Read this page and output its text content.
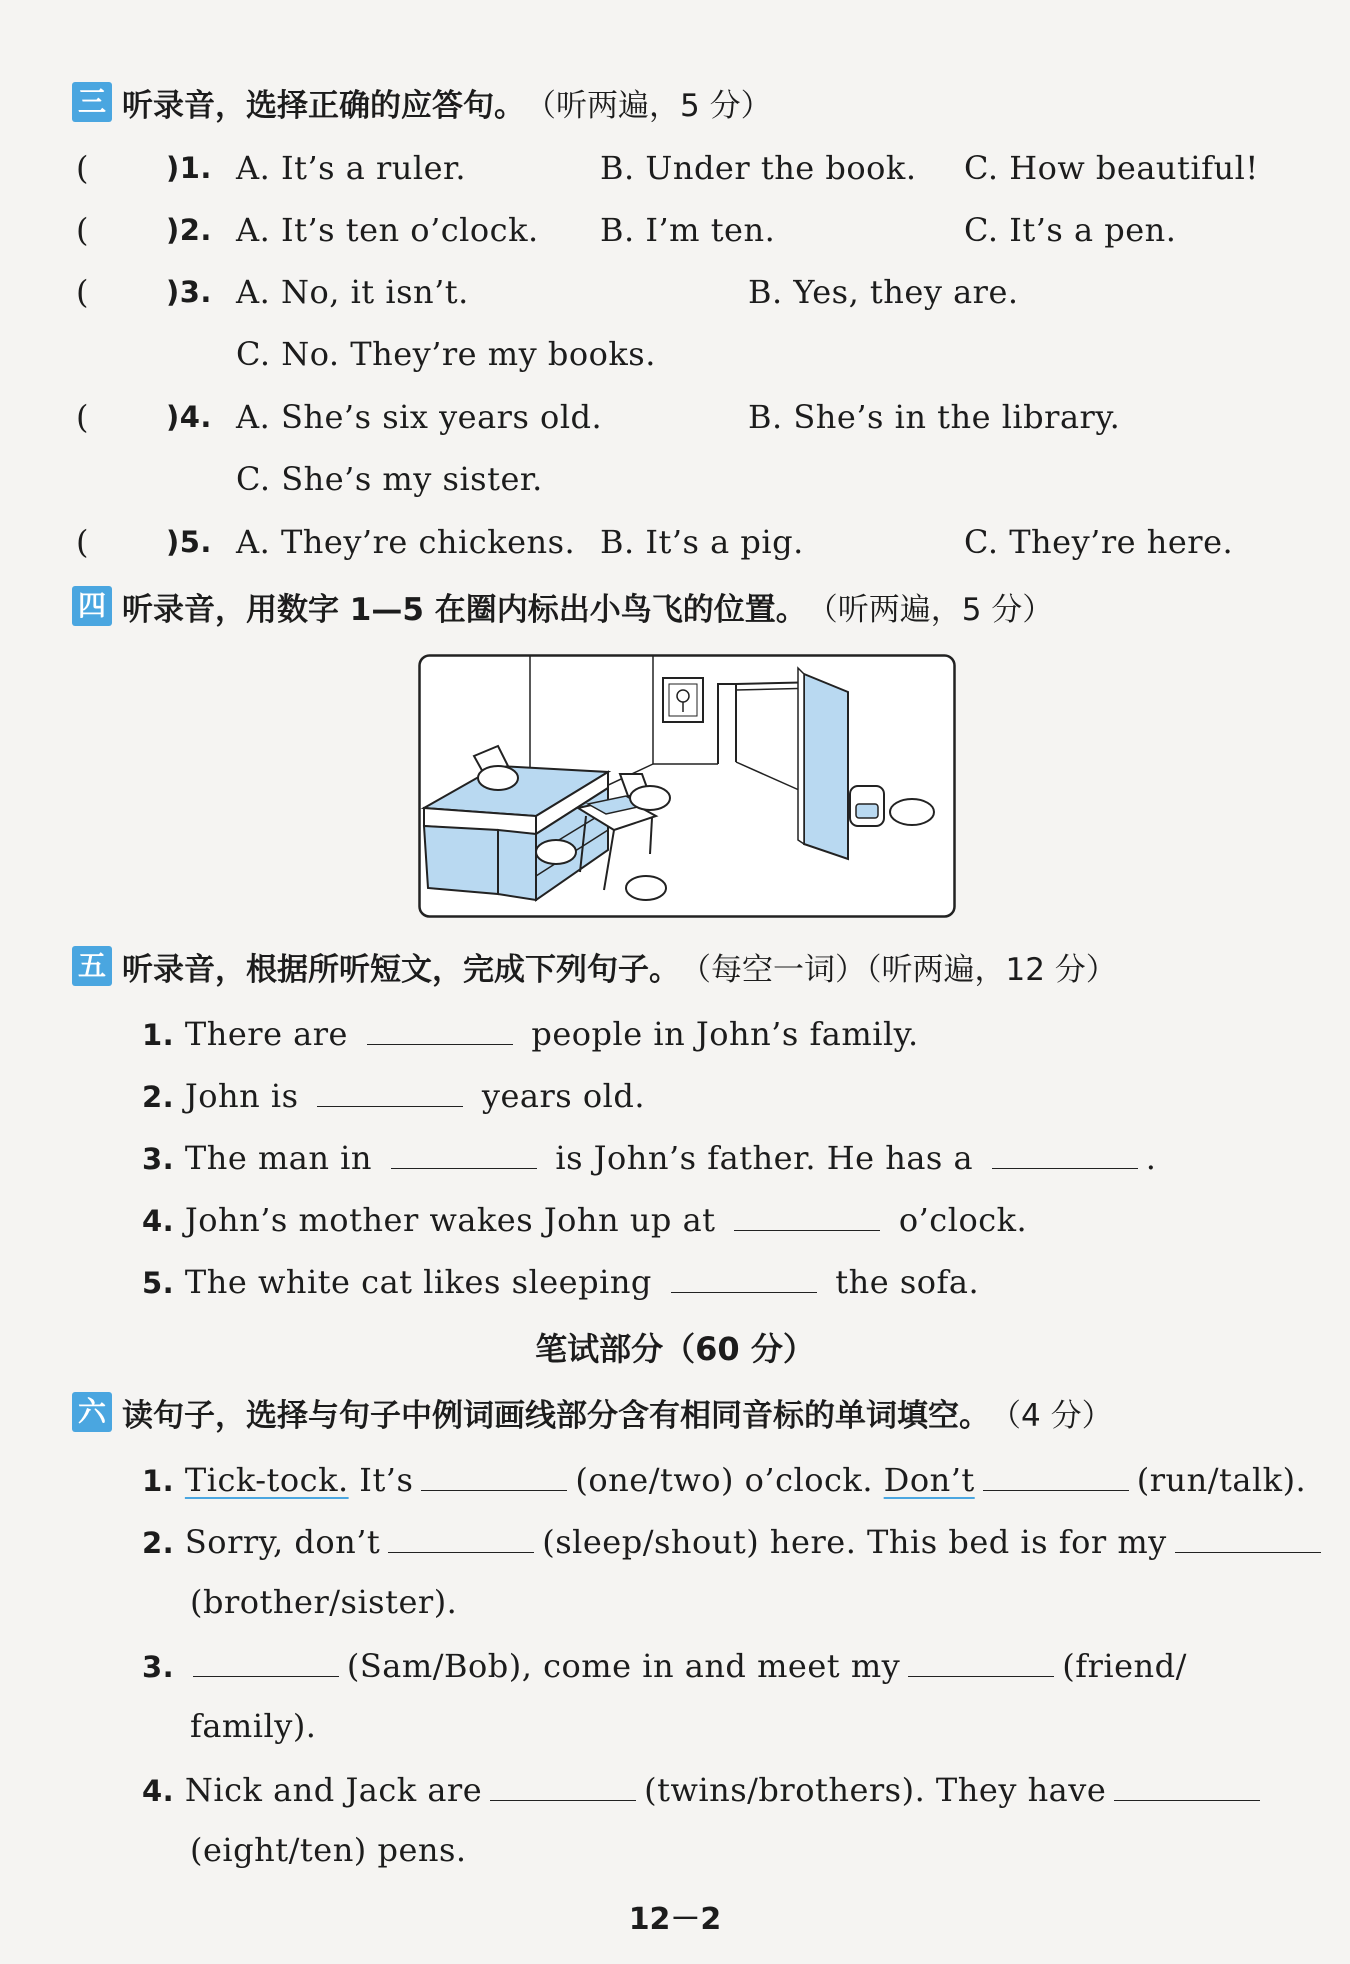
三 听录音，选择正确的应答句。 （听两遍，5 分）
(	)1. A. It’s a ruler.	B. Under the book. C. How beautiful!
(	)2. A. It’s ten o’clock. B. I’m ten.	C. It’s a pen.
(	)3. A. No, it isn’t.	B. Yes, they are.
C. No. They’re my books.
(	)4. A. She’s six years old.	B. She’s in the library.
C. She’s my sister.
(	)5. A. They’re chickens. B. It’s a pig.	C. They’re here.
四 听录音，用数字 1—5 在圈内标出小鸟飞的位置。 （听两遍，5 分）
五 听录音，根据所听短文，完成下列句子。 （每空一词）（听两遍，12 分）
1. There are	people in John’s family.
2. John is	years old.
3. The man in	is John’s father. He has a	.
4. John’s mother wakes John up at	o’clock.
5. The white cat likes sleeping	the sofa.
笔试部分（60 分）
六 读句子，选择与句子中例词画线部分含有相同音标的单词填空。 （4 分）
1. Tick-tock. It’s	(one/two) o’clock. Don’t	(run/talk).
2. Sorry, don’t	(sleep/shout) here. This bed is for my
(brother/sister).
3.	(Sam/Bob), come in and meet my	(friend/
family).
4. Nick and Jack are	(twins/brothers). They have
(eight/ten) pens.
12－2
